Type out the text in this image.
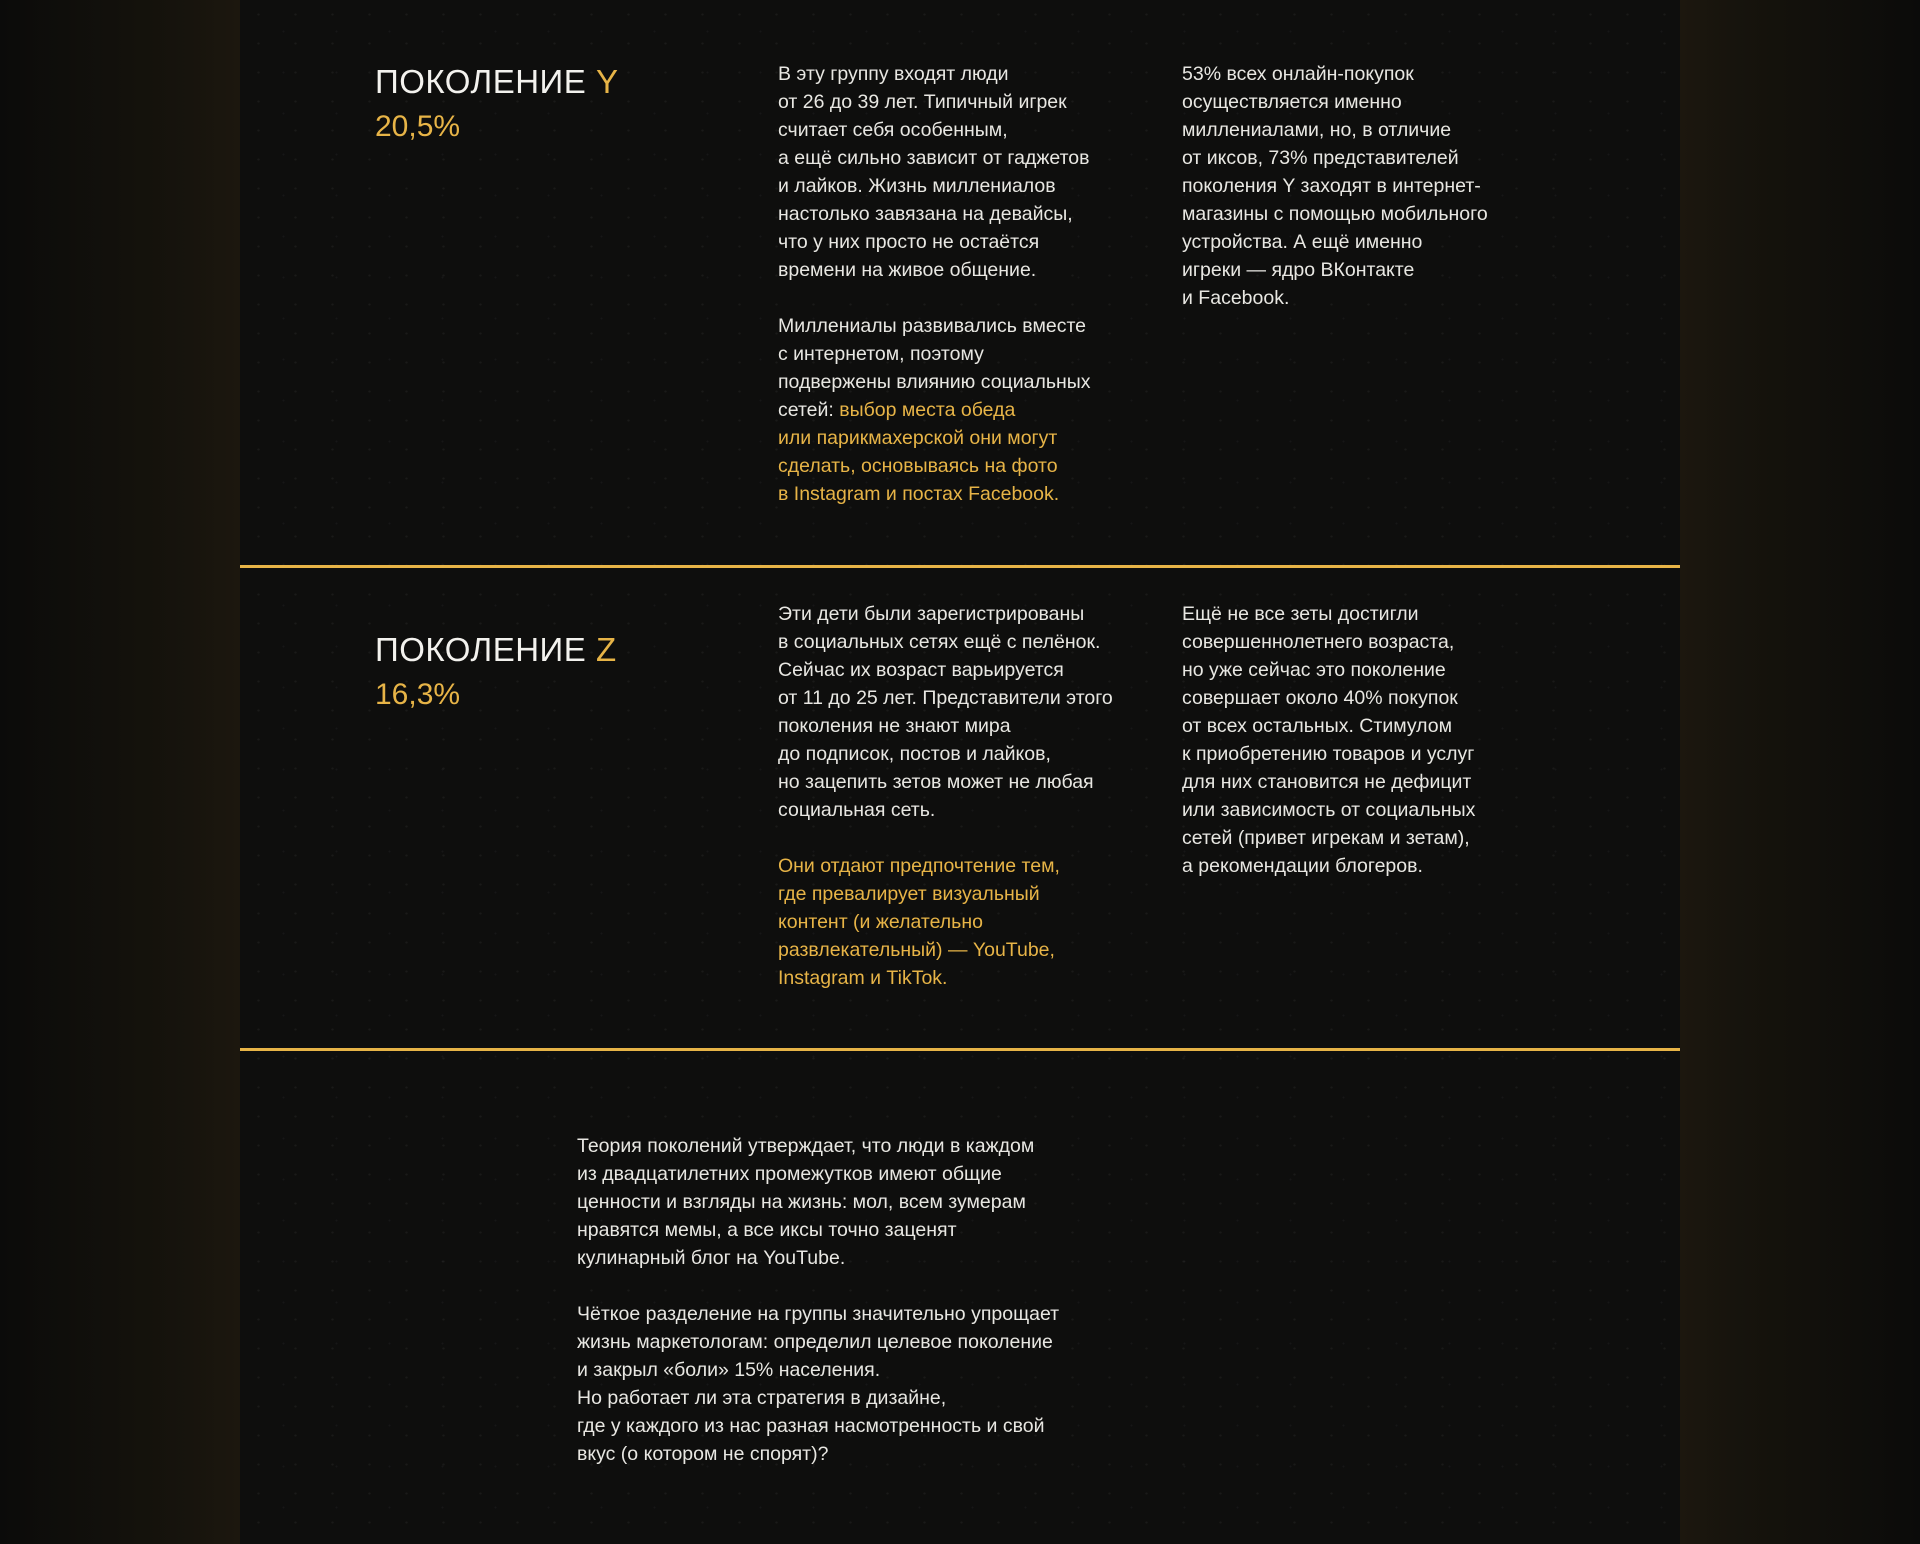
ПОКОЛЕНИЕ Y
20,5%

В эту группу входят люди
от 26 до 39 лет. Типичный игрек
считает себя особенным,
а ещё сильно зависит от гаджетов
и лайков. Жизнь миллениалов
настолько завязана на девайсы,
что у них просто не остаётся
времени на живое общение.

Миллениалы развивались вместе
с интернетом, поэтому
подвержены влиянию социальных
сетей: выбор места обеда
или парикмахерской они могут
сделать, основываясь на фото
в Instagram и постах Facebook.

53% всех онлайн-покупок
осуществляется именно
миллениалами, но, в отличие
от иксов, 73% представителей
поколения Y заходят в интернет-
магазины с помощью мобильного
устройства. А ещё именно
игреки — ядро ВКонтакте
и Facebook.

ПОКОЛЕНИЕ Z
16,3%

Эти дети были зарегистрированы
в социальных сетях ещё с пелёнок.
Сейчас их возраст варьируется
от 11 до 25 лет. Представители этого
поколения не знают мира
до подписок, постов и лайков,
но зацепить зетов может не любая
социальная сеть.

Они отдают предпочтение тем,
где превалирует визуальный
контент (и желательно
развлекательный) — YouTube,
Instagram и TikTok.

Ещё не все зеты достигли
совершеннолетнего возраста,
но уже сейчас это поколение
совершает около 40% покупок
от всех остальных. Стимулом
к приобретению товаров и услуг
для них становится не дефицит
или зависимость от социальных
сетей (привет игрекам и зетам),
а рекомендации блогеров.

Теория поколений утверждает, что люди в каждом
из двадцатилетних промежутков имеют общие
ценности и взгляды на жизнь: мол, всем зумерам
нравятся мемы, а все иксы точно заценят
кулинарный блог на YouTube.

Чёткое разделение на группы значительно упрощает
жизнь маркетологам: определил целевое поколение
и закрыл «боли» 15% населения.
Но работает ли эта стратегия в дизайне,
где у каждого из нас разная насмотренность и свой
вкус (о котором не спорят)?
